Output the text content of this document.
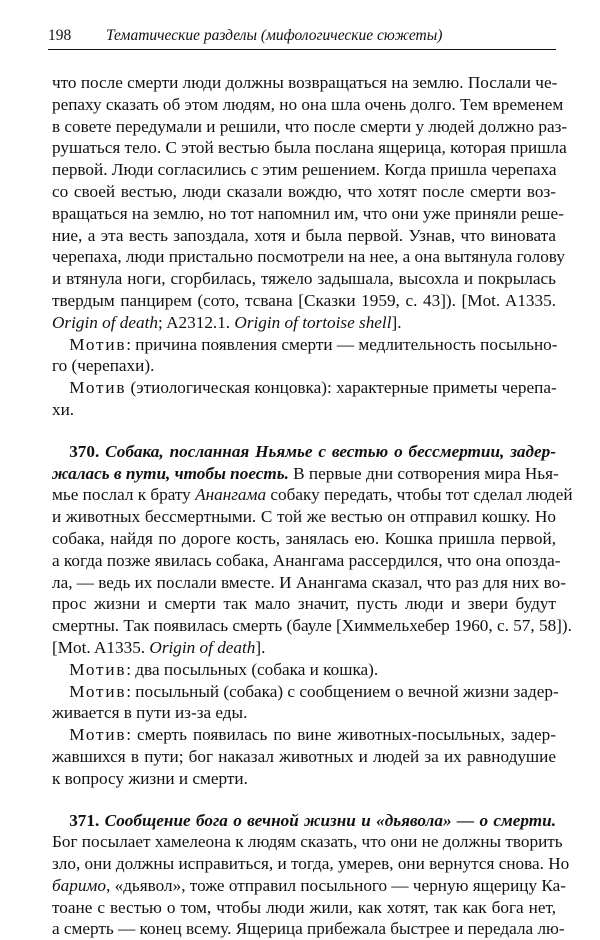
198 Тематические разделы (мифологические сюжеты)
что после смерти люди должны возвращаться на землю. Послали че-
репаху сказать об этом людям, но она шла очень долго. Тем временем
в совете передумали и решили, что после смерти у людей должно раз-
рушаться тело. С этой вестью была послана ящерица, которая пришла
первой. Люди согласились с этим решением. Когда пришла черепаха
со своей вестью, люди сказали вождю, что хотят после смерти воз-
вращаться на землю, но тот напомнил им, что они уже приняли реше-
ние, а эта весть запоздала, хотя и была первой. Узнав, что виновата
черепаха, люди пристально посмотрели на нее, а она вытянула голову
и втянула ноги, сгорбилась, тяжело задышала, высохла и покрылась
твердым панцирем (сото, тсвана [Сказки 1959, с. 43]). [Mot. A1335.
Origin of death; A2312.1. Origin of tortoise shell].
 Мотив: причина появления смерти — медлительность посыльно-
го (черепахи).
 Мотив (этиологическая концовка): характерные приметы черепа-
хи.
 370. Собака, посланная Ньямье с вестью о бессмертии, задер-
жалась в пути, чтобы поесть. В первые дни сотворения мира Нья-
мье послал к брату Анангама собаку передать, чтобы тот сделал людей
и животных бессмертными. С той же вестью он отправил кошку. Но
собака, найдя по дороге кость, занялась ею. Кошка пришла первой,
а когда позже явилась собака, Анангама рассердился, что она опозда-
ла, — ведь их послали вместе. И Анангама сказал, что раз для них во-
прос жизни и смерти так мало значит, пусть люди и звери будут
смертны. Так появилась смерть (бауле [Химмельхебер 1960, с. 57, 58]).
[Mot. A1335. Origin of death].
 Мотив: два посыльных (собака и кошка).
 Мотив: посыльный (собака) с сообщением о вечной жизни задер-
живается в пути из-за еды.
 Мотив: смерть появилась по вине животных-посыльных, задер-
жавшихся в пути; бог наказал животных и людей за их равнодушие
к вопросу жизни и смерти.
 371. Сообщение бога о вечной жизни и «дьявола» — о смерти.
Бог посылает хамелеона к людям сказать, что они не должны творить
зло, они должны исправиться, и тогда, умерев, они вернутся снова. Но
баримо, «дьявол», тоже отправил посыльного — черную ящерицу Ка-
тоане с вестью о том, чтобы люди жили, как хотят, так как бога нет,
а смерть — конец всему. Ящерица прибежала быстрее и передала лю-
